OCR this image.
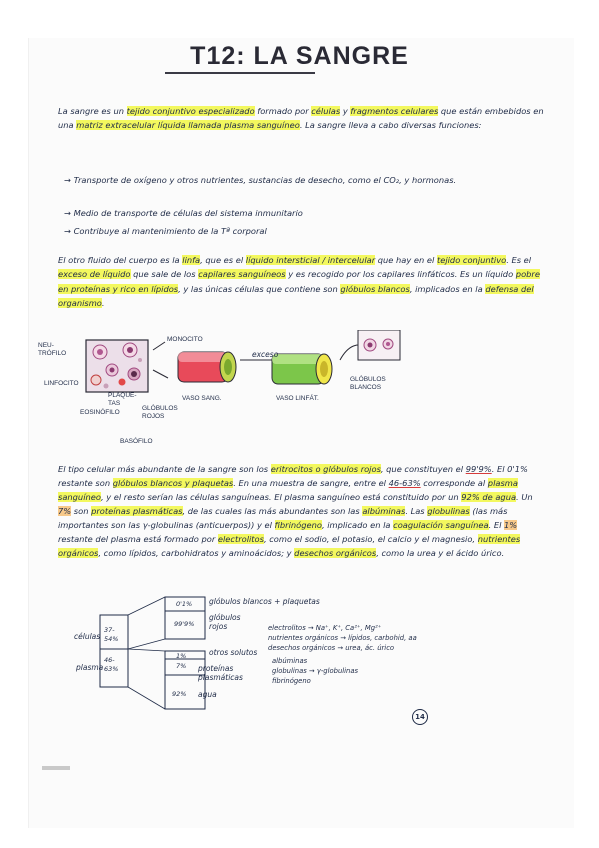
T12: LA SANGRE
La sangre es un tejido conjuntivo especializado formado por células y fragmentos celulares que están embebidos en una matriz extracelular líquida llamada plasma sanguíneo. La sangre lleva a cabo diversas funciones:
→ Transporte de oxígeno y otros nutrientes, sustancias de desecho, como el CO₂, y hormonas.
→ Medio de transporte de células del sistema inmunitario
→ Contribuye al mantenimiento de la Tª corporal
El otro fluido del cuerpo es la linfa, que es el líquido intersticial / intercelular que hay en el tejido conjuntivo. Es el exceso de líquido que sale de los capilares sanguíneos y es recogido por los capilares linfáticos. Es un líquido pobre en proteínas y rico en lípidos, y las únicas células que contiene son glóbulos blancos, implicados en la defensa del organismo.
NEU-TRÓFILO
LINFOCITO
PLAQUE-TAS
EOSINÓFILO
GLÓBULOS ROJOS
BASÓFILO
MONOCITO
VASO SANG.
exceso
VASO LINFÁT.
GLÓBULOS BLANCOS
El tipo celular más abundante de la sangre son los eritrocitos o glóbulos rojos, que constituyen el 99'9%. El 0'1% restante son glóbulos blancos y plaquetas. En una muestra de sangre, entre el 46-63% corresponde al plasma sanguíneo, y el resto serían las células sanguíneas. El plasma sanguíneo está constituido por un 92% de agua. Un 7% son proteínas plasmáticas, de las cuales las más abundantes son las albúminas. Las globulinas (las más importantes son las γ-globulinas (anticuerpos)) y el fibrinógeno, implicado en la coagulación sanguínea. El 1% restante del plasma está formado por electrolitos, como el sodio, el potasio, el calcio y el magnesio, nutrientes orgánicos, como lípidos, carbohidratos y aminoácidos; y desechos orgánicos, como la urea y el ácido úrico.
células
37-54%
plasma
46-63%
0'1% glóbulos blancos + plaquetas
99'9%
glóbulos rojos
1%	otros solutos
electrolitos → Na⁺, K⁺, Ca²⁺, Mg²⁺
nutrientes orgánicos → lípidos, carbohid, aa
desechos orgánicos → urea, ác. úrico
7% proteínas plasmáticas
albúminas
globulinas → γ-globulinas
fibrinógeno
92% agua
14
